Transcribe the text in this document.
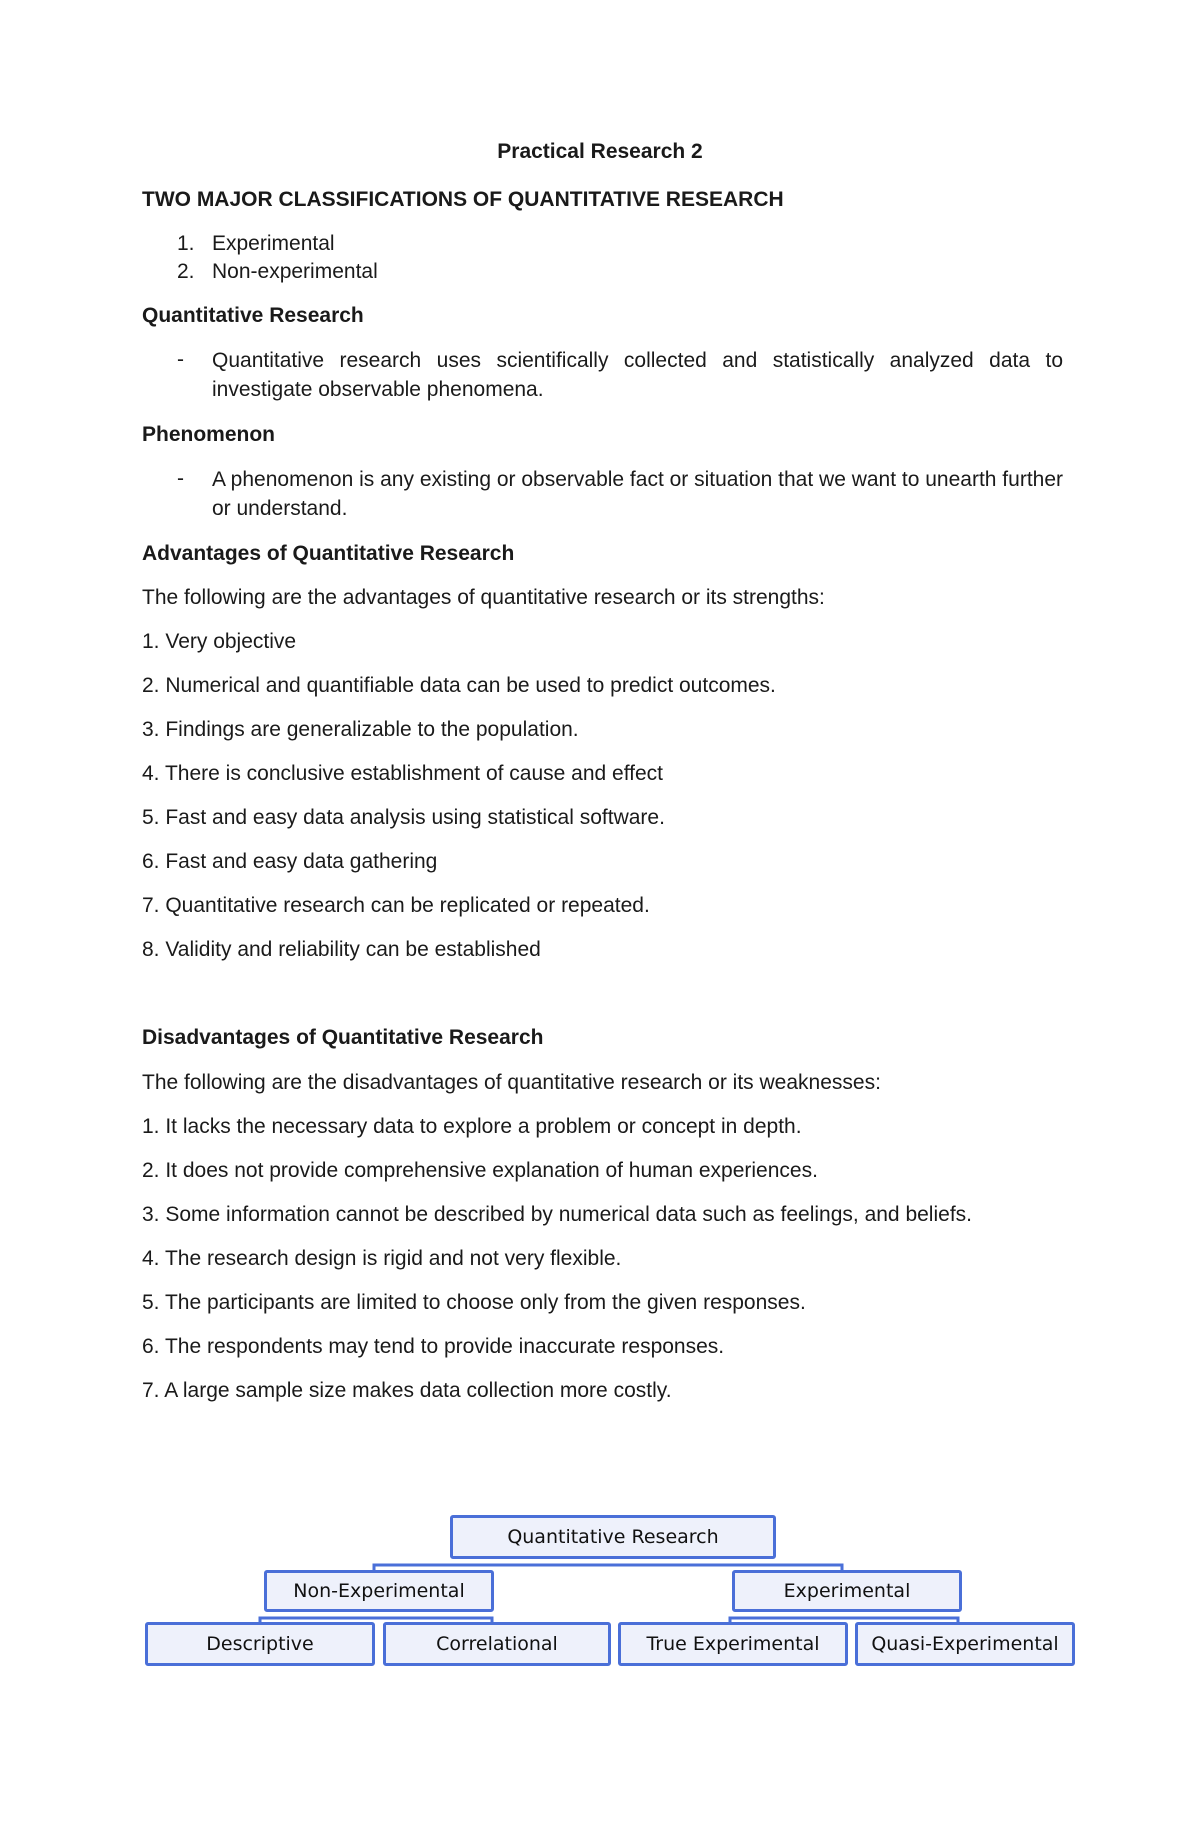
Practical Research 2
TWO MAJOR CLASSIFICATIONS OF QUANTITATIVE RESEARCH
1. Experimental
2. Non-experimental
Quantitative Research
- Quantitative research uses scientifically collected and statistically analyzed data to investigate observable phenomena.
Phenomenon
- A phenomenon is any existing or observable fact or situation that we want to unearth further or understand.
Advantages of Quantitative Research
The following are the advantages of quantitative research or its strengths:
1. Very objective
2. Numerical and quantifiable data can be used to predict outcomes.
3. Findings are generalizable to the population.
4. There is conclusive establishment of cause and effect
5. Fast and easy data analysis using statistical software.
6. Fast and easy data gathering
7. Quantitative research can be replicated or repeated.
8. Validity and reliability can be established
Disadvantages of Quantitative Research
The following are the disadvantages of quantitative research or its weaknesses:
1. It lacks the necessary data to explore a problem or concept in depth.
2. It does not provide comprehensive explanation of human experiences.
3. Some information cannot be described by numerical data such as feelings, and beliefs.
4. The research design is rigid and not very flexible.
5. The participants are limited to choose only from the given responses.
6. The respondents may tend to provide inaccurate responses.
7. A large sample size makes data collection more costly.
Quantitative Research
Non-Experimental	Experimental
Descriptive	Correlational	True Experimental	Quasi-Experimental
